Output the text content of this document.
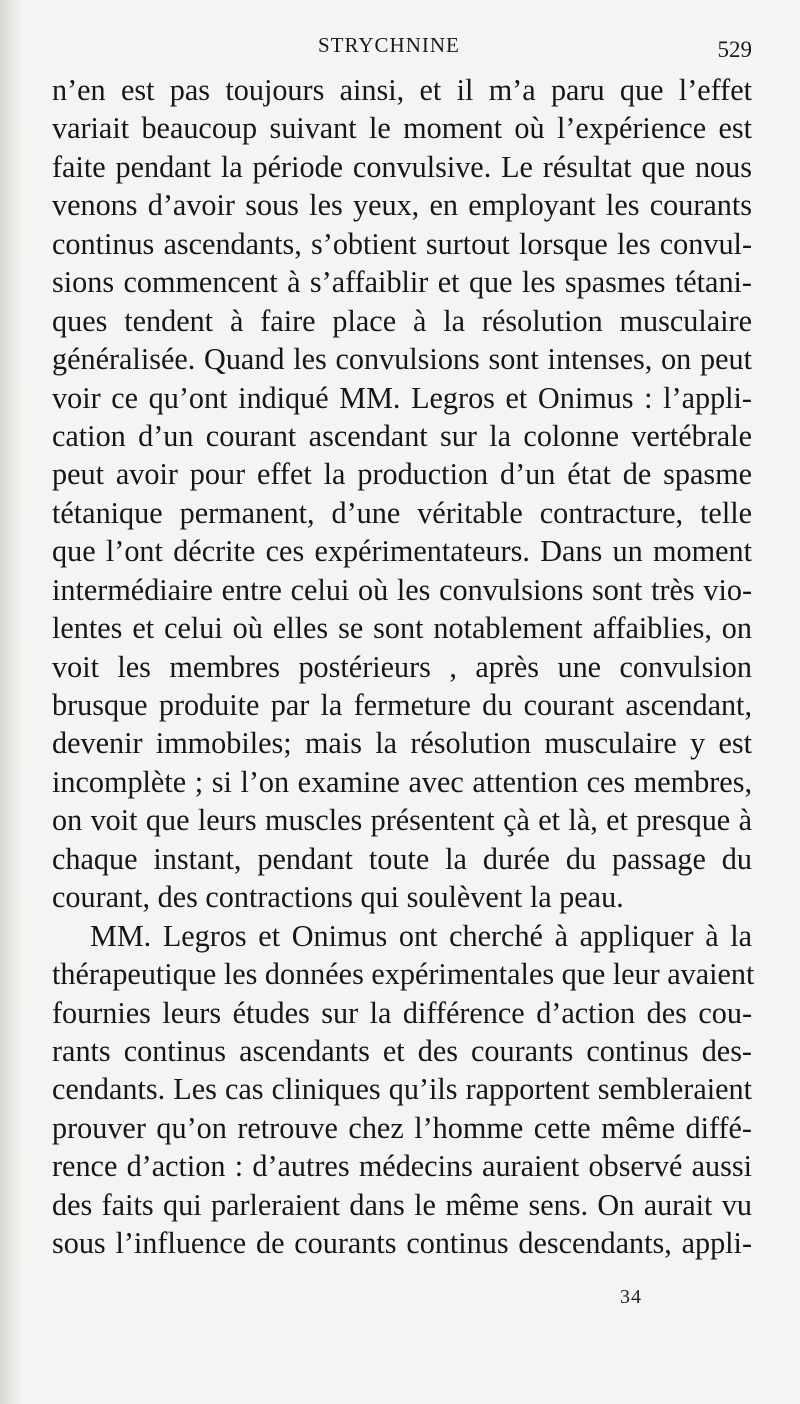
STRYCHNINE	529
n’en est pas toujours ainsi, et il m’a paru que l’effet
variait beaucoup suivant le moment où l’expérience est
faite pendant la période convulsive. Le résultat que nous
venons d’avoir sous les yeux, en employant les courants
continus ascendants, s’obtient surtout lorsque les convul-
sions commencent à s’affaiblir et que les spasmes tétani-
ques tendent à faire place à la résolution musculaire
généralisée. Quand les convulsions sont intenses, on peut
voir ce qu’ont indiqué MM. Legros et Onimus : l’appli-
cation d’un courant ascendant sur la colonne vertébrale
peut avoir pour effet la production d’un état de spasme
tétanique permanent, d’une véritable contracture, telle
que l’ont décrite ces expérimentateurs. Dans un moment
intermédiaire entre celui où les convulsions sont très vio-
lentes et celui où elles se sont notablement affaiblies, on
voit les membres postérieurs , après une convulsion
brusque produite par la fermeture du courant ascendant,
devenir immobiles; mais la résolution musculaire y est
incomplète ; si l’on examine avec attention ces membres,
on voit que leurs muscles présentent çà et là, et presque à
chaque instant, pendant toute la durée du passage du
courant, des contractions qui soulèvent la peau.
MM. Legros et Onimus ont cherché à appliquer à la
thérapeutique les données expérimentales que leur avaient
fournies leurs études sur la différence d’action des cou-
rants continus ascendants et des courants continus des-
cendants. Les cas cliniques qu’ils rapportent sembleraient
prouver qu’on retrouve chez l’homme cette même diffé-
rence d’action : d’autres médecins auraient observé aussi
des faits qui parleraient dans le même sens. On aurait vu
sous l’influence de courants continus descendants, appli-
34
